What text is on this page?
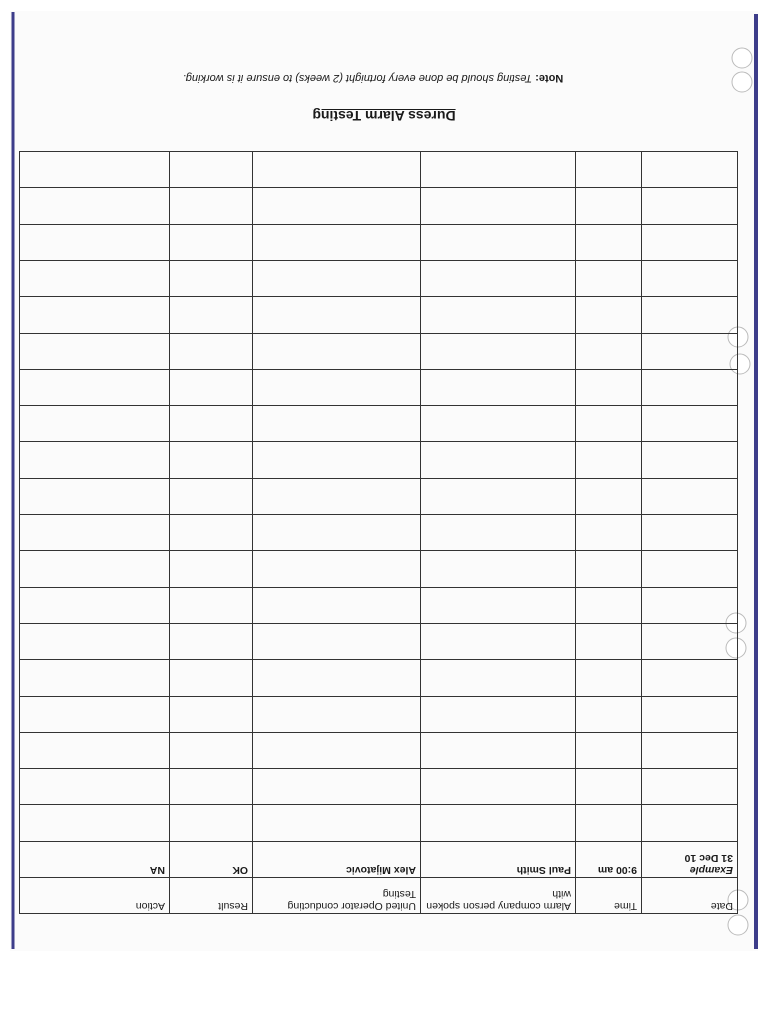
Duress Alarm Testing
Date	Time	Alarm company person spoken with	United Operator conducting Testing	Result	Action

Example
31 Dec 10	9:00 am	Paul Smith	Alex Mijatovic	OK	NA

Note: Testing should be done every fortnight (2 weeks) to ensure it is working.
